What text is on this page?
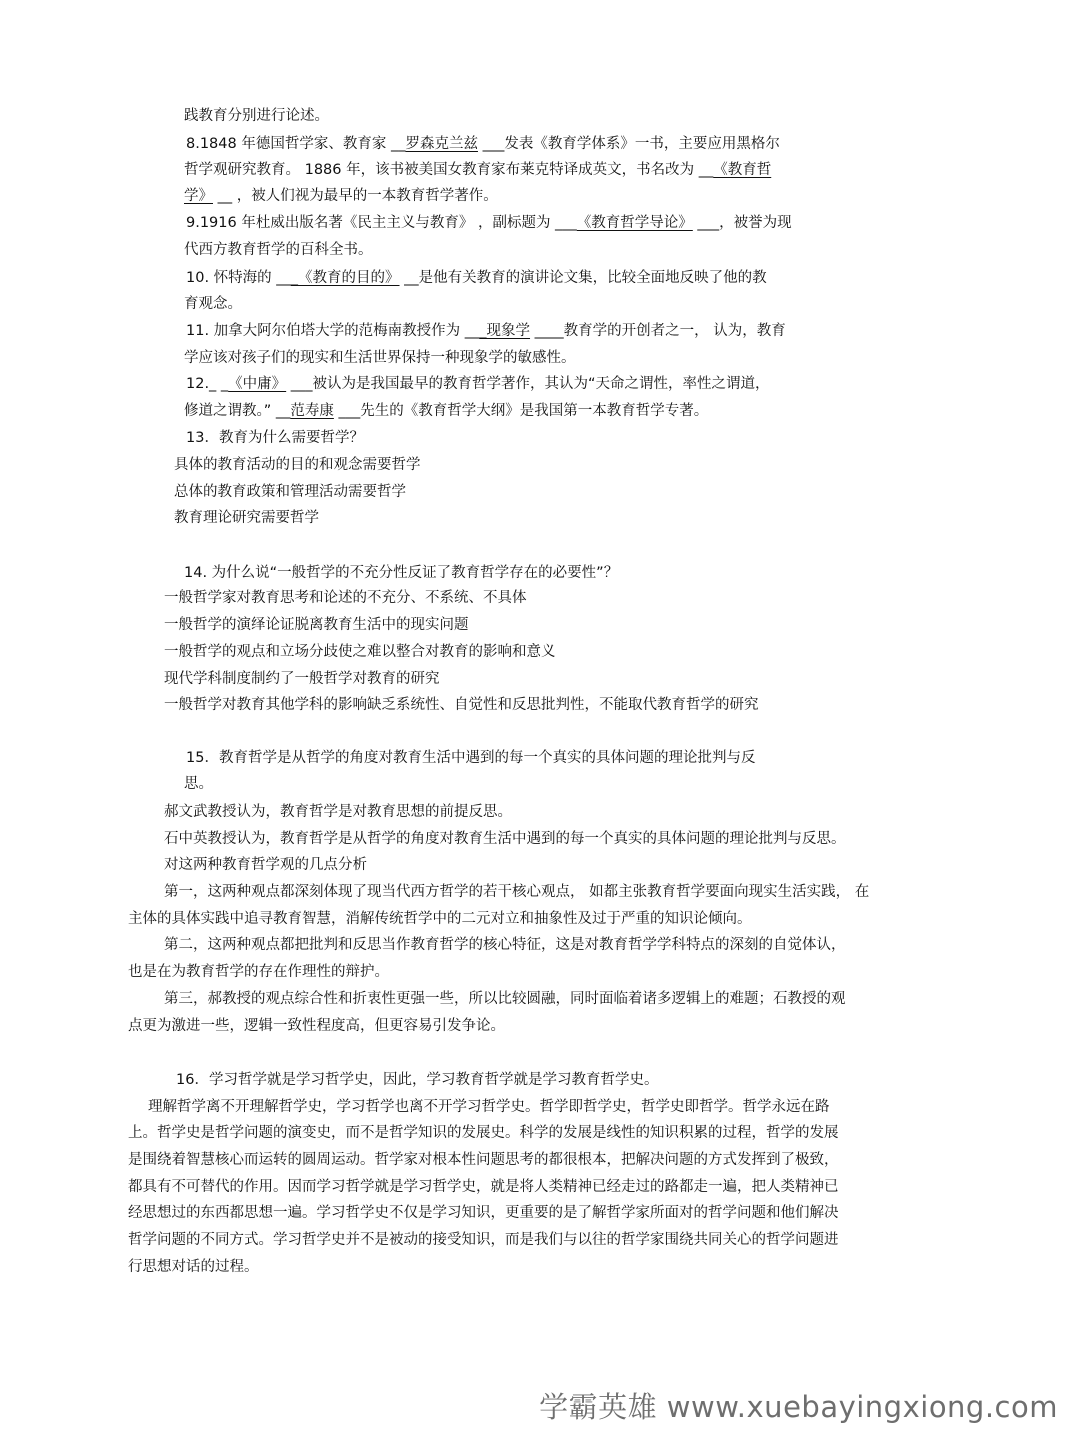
践教育分别进行论述。
8.1848 年德国哲学家、教育家 __罗森克兰兹 ___发表《教育学体系》一书，主要应用黑格尔
哲学观研究教育。 1886 年，该书被美国女教育家布莱克特译成英文，书名改为 __《教育哲
学》 __ ，被人们视为最早的一本教育哲学著作。
9.1916 年杜威出版名著《民主主义与教育》 ，副标题为 ___《教育哲学导论》 ___，被誉为现
代西方教育哲学的百科全书。
10. 怀特海的 ___《教育的目的》 __是他有关教育的演讲论文集，比较全面地反映了他的教
育观念。
11. 加拿大阿尔伯塔大学的范梅南教授作为 ___现象学 ____教育学的开创者之一， 认为，教育
学应该对孩子们的现实和生活世界保持一种现象学的敏感性。
12._ _《中庸》 ___被认为是我国最早的教育哲学著作，其认为“天命之谓性，率性之谓道，
修道之谓教。” __范寿康 ___先生的《教育哲学大纲》是我国第一本教育哲学专著。
13．教育为什么需要哲学？
具体的教育活动的目的和观念需要哲学
总体的教育政策和管理活动需要哲学
教育理论研究需要哲学
14. 为什么说“一般哲学的不充分性反证了教育哲学存在的必要性”？
一般哲学家对教育思考和论述的不充分、不系统、不具体
一般哲学的演绎论证脱离教育生活中的现实问题
一般哲学的观点和立场分歧使之难以整合对教育的影响和意义
现代学科制度制约了一般哲学对教育的研究
一般哲学对教育其他学科的影响缺乏系统性、自觉性和反思批判性，不能取代教育哲学的研究
15．教育哲学是从哲学的角度对教育生活中遇到的每一个真实的具体问题的理论批判与反
思。
郝文武教授认为，教育哲学是对教育思想的前提反思。
石中英教授认为，教育哲学是从哲学的角度对教育生活中遇到的每一个真实的具体问题的理论批判与反思。
对这两种教育哲学观的几点分析
第一，这两种观点都深刻体现了现当代西方哲学的若干核心观点， 如都主张教育哲学要面向现实生活实践， 在
主体的具体实践中追寻教育智慧，消解传统哲学中的二元对立和抽象性及过于严重的知识论倾向。
第二，这两种观点都把批判和反思当作教育哲学的核心特征，这是对教育哲学学科特点的深刻的自觉体认，
也是在为教育哲学的存在作理性的辩护。
第三，郝教授的观点综合性和折衷性更强一些，所以比较圆融，同时面临着诸多逻辑上的难题；石教授的观
点更为激进一些，逻辑一致性程度高，但更容易引发争论。
16．学习哲学就是学习哲学史，因此，学习教育哲学就是学习教育哲学史。
理解哲学离不开理解哲学史，学习哲学也离不开学习哲学史。哲学即哲学史，哲学史即哲学。哲学永远在路
上。哲学史是哲学问题的演变史，而不是哲学知识的发展史。科学的发展是线性的知识积累的过程，哲学的发展
是围绕着智慧核心而运转的圆周运动。哲学家对根本性问题思考的都很根本，把解决问题的方式发挥到了极致，
都具有不可替代的作用。因而学习哲学就是学习哲学史，就是将人类精神已经走过的路都走一遍，把人类精神已
经思想过的东西都思想一遍。学习哲学史不仅是学习知识，更重要的是了解哲学家所面对的哲学问题和他们解决
哲学问题的不同方式。学习哲学史并不是被动的接受知识，而是我们与以往的哲学家围绕共同关心的哲学问题进
行思想对话的过程。
学霸英雄 www.xuebayingxiong.com
